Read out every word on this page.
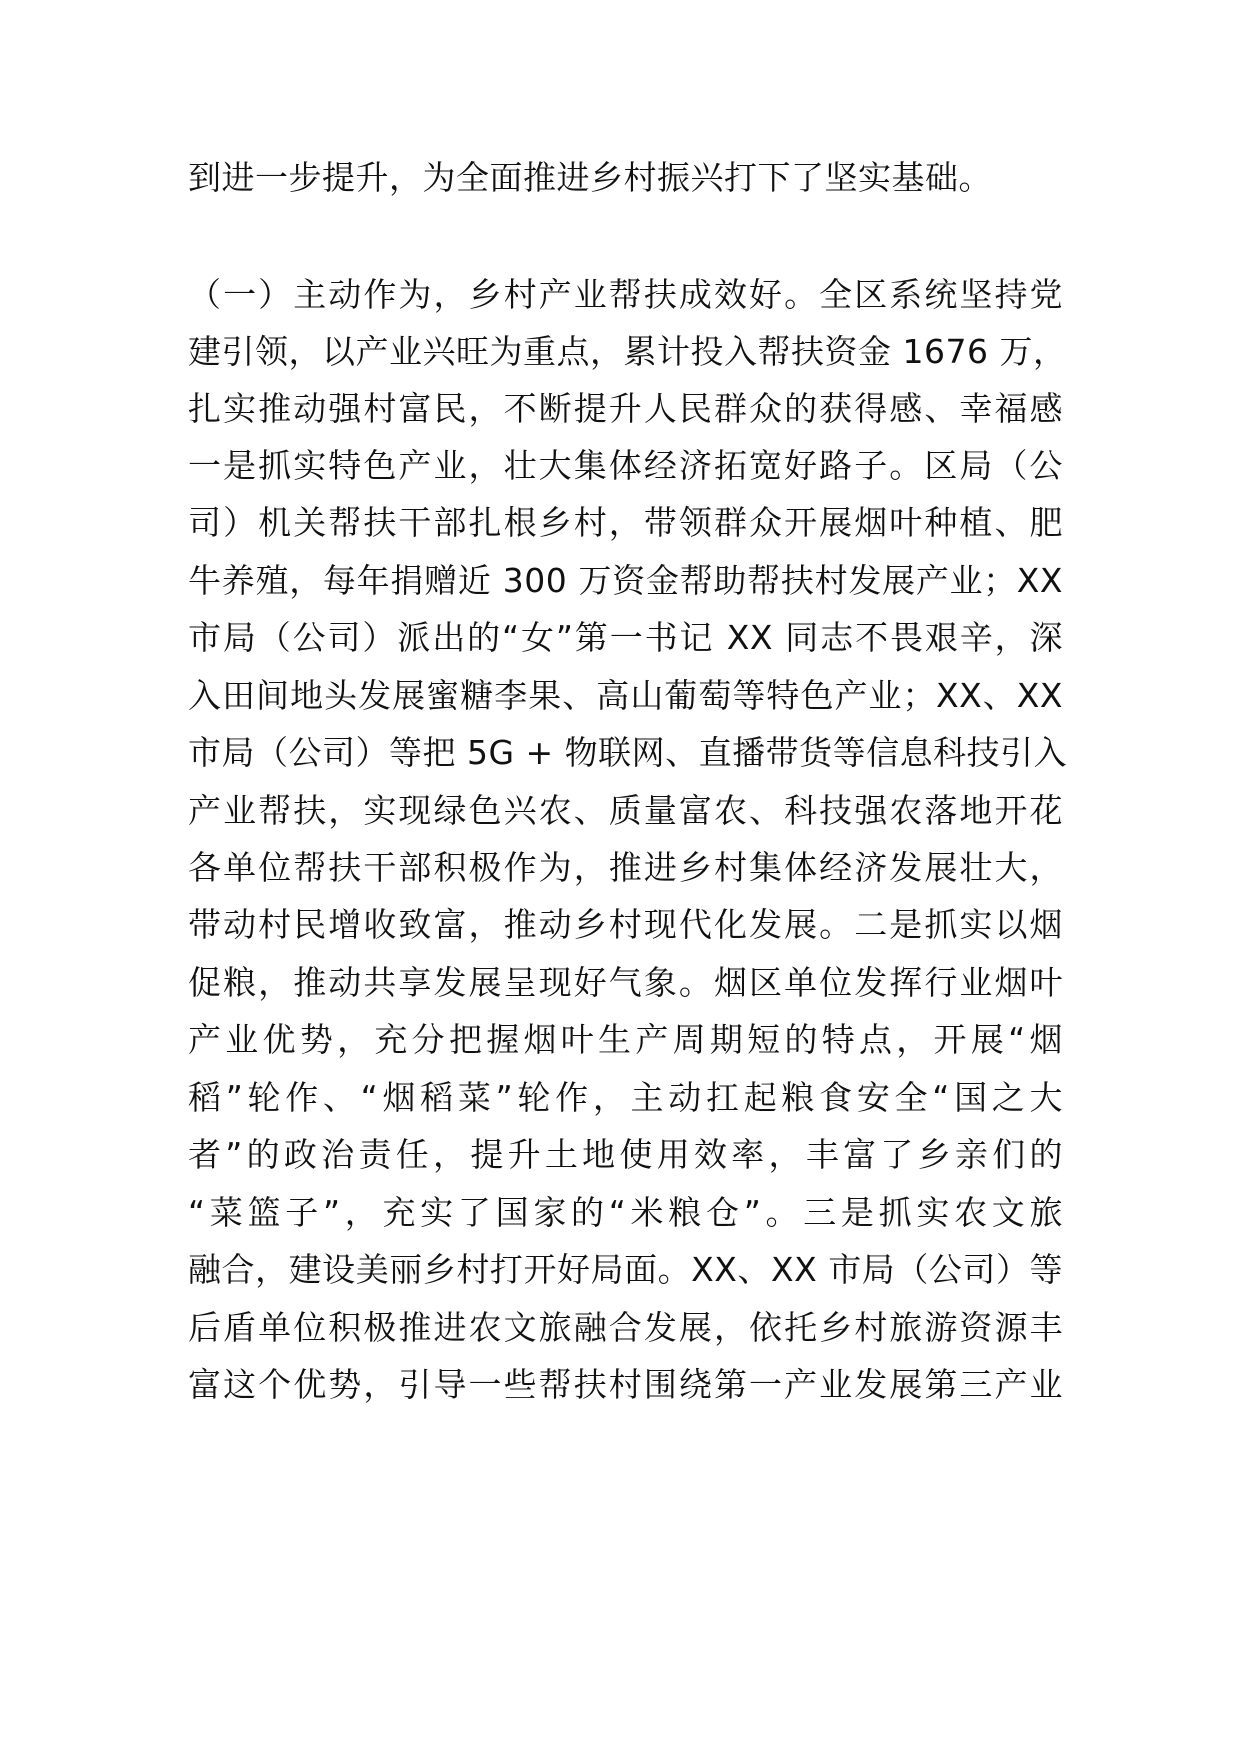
到进一步提升，为全面推进乡村振兴打下了坚实基础。
（一）主动作为，乡村产业帮扶成效好。全区系统坚持党
建引领，以产业兴旺为重点，累计投入帮扶资金 1676 万，
扎实推动强村富民，不断提升人民群众的获得感、幸福感
一是抓实特色产业，壮大集体经济拓宽好路子。区局（公
司）机关帮扶干部扎根乡村，带领群众开展烟叶种植、肥
牛养殖，每年捐赠近 300 万资金帮助帮扶村发展产业；XX
市局（公司）派出的“女”第一书记 XX 同志不畏艰辛，深
入田间地头发展蜜糖李果、高山葡萄等特色产业；XX、XX
市局（公司）等把 5G + 物联网、直播带货等信息科技引入
产业帮扶，实现绿色兴农、质量富农、科技强农落地开花
各单位帮扶干部积极作为，推进乡村集体经济发展壮大，
带动村民增收致富，推动乡村现代化发展。二是抓实以烟
促粮，推动共享发展呈现好气象。烟区单位发挥行业烟叶
产业优势，充分把握烟叶生产周期短的特点，开展“烟
稻”轮作、“烟稻菜”轮作，主动扛起粮食安全“国之大
者”的政治责任，提升土地使用效率，丰富了乡亲们的
“菜篮子”，充实了国家的“米粮仓”。三是抓实农文旅
融合，建设美丽乡村打开好局面。XX、XX 市局（公司）等
后盾单位积极推进农文旅融合发展，依托乡村旅游资源丰
富这个优势，引导一些帮扶村围绕第一产业发展第三产业
